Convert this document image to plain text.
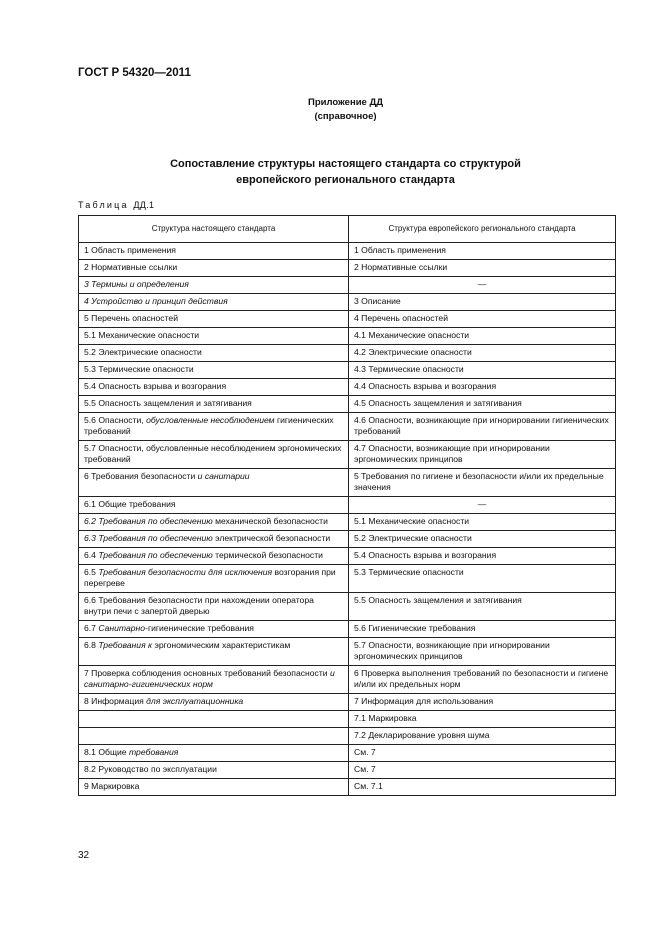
ГОСТ Р 54320—2011
Приложение ДД
(справочное)
Сопоставление структуры настоящего стандарта со структурой
европейского регионального стандарта
Таблица ДД.1
Структура настоящего стандарта	Структура европейского регионального стандарта
1 Область применения	1 Область применения
2 Нормативные ссылки	2 Нормативные ссылки
3 Термины и определения	—
4 Устройство и принцип действия	3 Описание
5 Перечень опасностей	4 Перечень опасностей
5.1 Механические опасности	4.1 Механические опасности
5.2 Электрические опасности	4.2 Электрические опасности
5.3 Термические опасности	4.3 Термические опасности
5.4 Опасность взрыва и возгорания	4.4 Опасность взрыва и возгорания
5.5 Опасность защемления и затягивания	4.5 Опасность защемления и затягивания
5.6 Опасности, обусловленные несоблюдением гигиенических требований	4.6 Опасности, возникающие при игнорировании гигиенических требований
5.7 Опасности, обусловленные несоблюдением эргономических требований	4.7 Опасности, возникающие при игнорировании эргономических принципов
6 Требования безопасности и санитарии	5 Требования по гигиене и безопасности и/или их предельные значения
6.1 Общие требования	—
6.2 Требования по обеспечению механической безопасности	5.1 Механические опасности
6.3 Требования по обеспечению электрической безопасности	5.2 Электрические опасности
6.4 Требования по обеспечению термической безопасности	5.4 Опасность взрыва и возгорания
6.5 Требования безопасности для исключения возгорания при перегреве	5.3 Термические опасности
6.6 Требования безопасности при нахождении оператора внутри печи с запертой дверью	5.5 Опасность защемления и затягивания
6.7 Санитарно-гигиенические требования	5.6 Гигиенические требования
6.8 Требования к эргономическим характеристикам	5.7 Опасности, возникающие при игнорировании эргономических принципов
7 Проверка соблюдения основных требований безопасности и санитарно-гигиенических норм	6 Проверка выполнения требований по безопасности и гигиене и/или их предельных норм
8 Информация для эксплуатационника	7 Информация для использования
	7.1 Маркировка
	7.2 Декларирование уровня шума
8.1 Общие требования	См. 7
8.2 Руководство по эксплуатации	См. 7
9 Маркировка	См. 7.1
32
